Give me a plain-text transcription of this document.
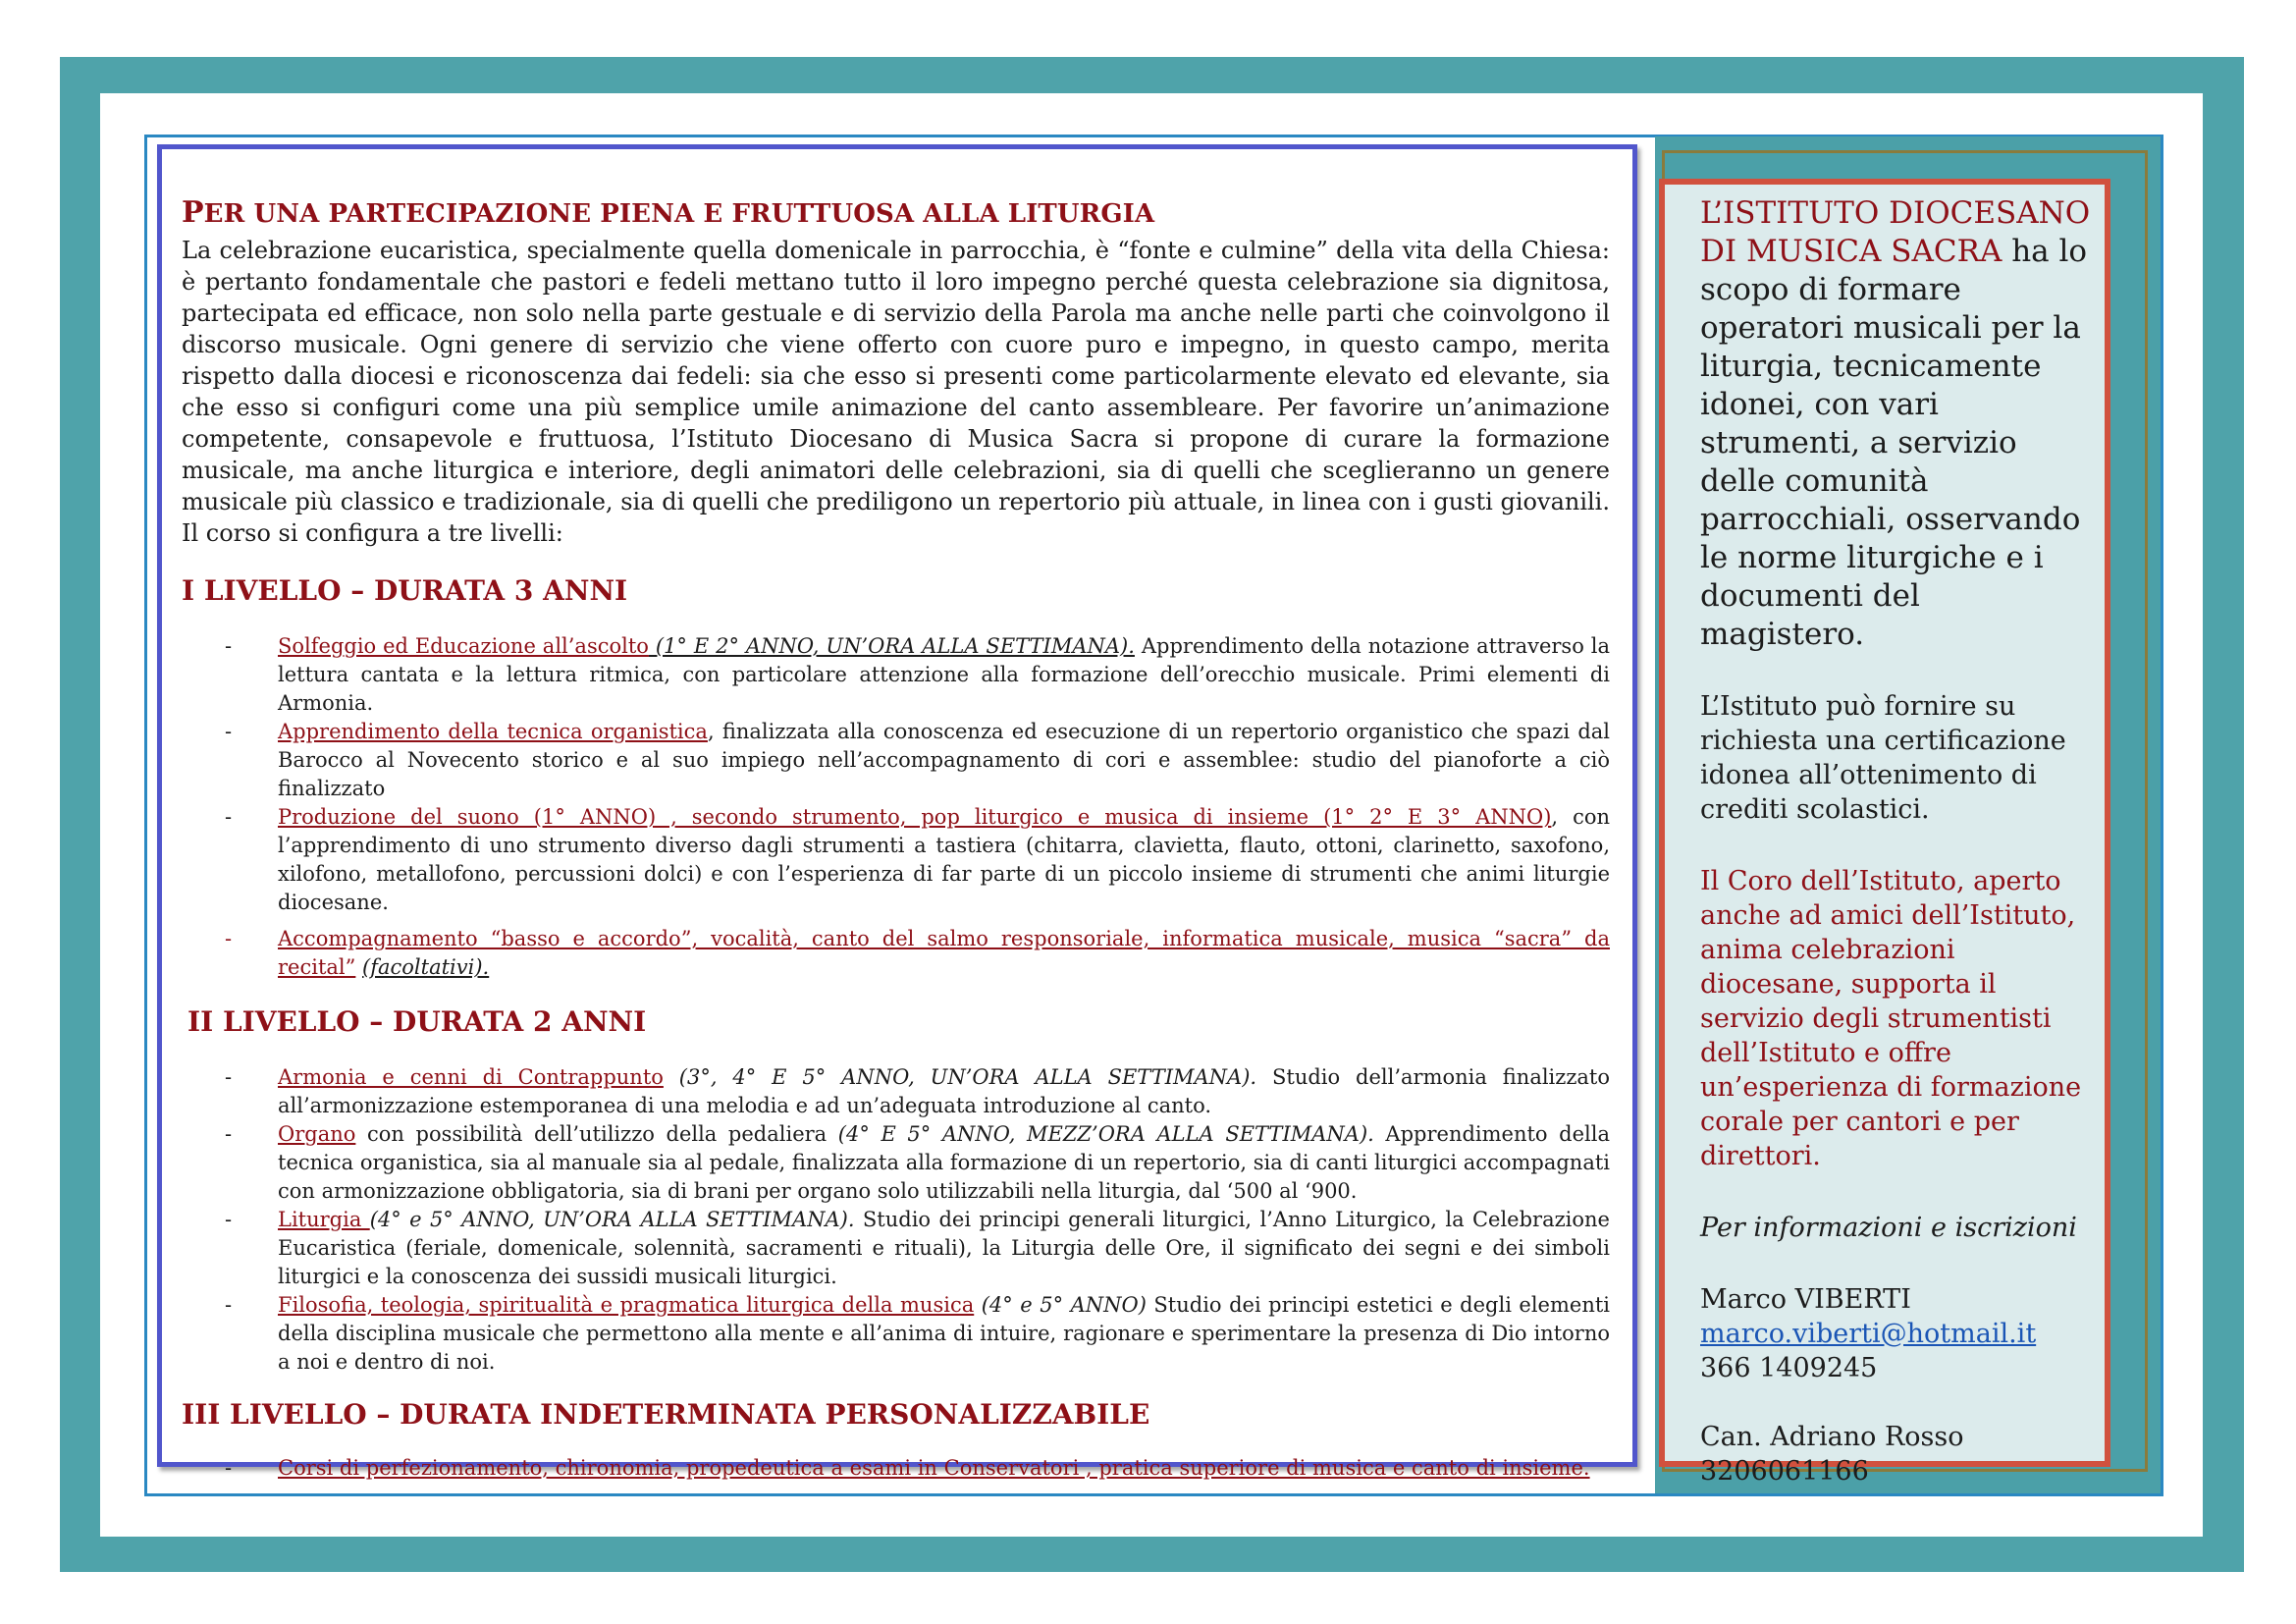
PER UNA PARTECIPAZIONE PIENA E FRUTTUOSA ALLA LITURGIA

La celebrazione eucaristica, specialmente quella domenicale in parrocchia, è “fonte e culmine” della vita della Chiesa: è pertanto fondamentale che pastori e fedeli mettano tutto il loro impegno perché questa celebrazione sia dignitosa, partecipata ed efficace, non solo nella parte gestuale e di servizio della Parola ma anche nelle parti che coinvolgono il discorso musicale. Ogni genere di servizio che viene offerto con cuore puro e impegno, in questo campo, merita rispetto dalla diocesi e riconoscenza dai fedeli: sia che esso si presenti come particolarmente elevato ed elevante, sia che esso si configuri come una più semplice umile animazione del canto assembleare. Per favorire un’animazione competente, consapevole e fruttuosa, l’Istituto Diocesano di Musica Sacra si propone di curare la formazione musicale, ma anche liturgica e interiore, degli animatori delle celebrazioni, sia di quelli che sceglieranno un genere musicale più classico e tradizionale, sia di quelli che prediligono un repertorio più attuale, in linea con i gusti giovanili. Il corso si configura a tre livelli:

I LIVELLO – DURATA 3 ANNI
- Solfeggio ed Educazione all’ascolto (1° E 2° ANNO, UN’ORA ALLA SETTIMANA). Apprendimento della notazione attraverso la lettura cantata e la lettura ritmica, con particolare attenzione alla formazione dell’orecchio musicale. Primi elementi di Armonia.
- Apprendimento della tecnica organistica, finalizzata alla conoscenza ed esecuzione di un repertorio organistico che spazi dal Barocco al Novecento storico e al suo impiego nell’accompagnamento di cori e assemblee: studio del pianoforte a ciò finalizzato
- Produzione del suono (1° ANNO) , secondo strumento, pop liturgico e musica di insieme (1° 2° E 3° ANNO), con l’apprendimento di uno strumento diverso dagli strumenti a tastiera (chitarra, clavietta, flauto, ottoni, clarinetto, saxofono, xilofono, metallofono, percussioni dolci) e con l’esperienza di far parte di un piccolo insieme di strumenti che animi liturgie diocesane.
- Accompagnamento “basso e accordo”, vocalità, canto del salmo responsoriale, informatica musicale, musica “sacra” da recital” (facoltativi).
II LIVELLO – DURATA 2 ANNI
- Armonia e cenni di Contrappunto (3°, 4° E 5° ANNO, UN’ORA ALLA SETTIMANA). Studio dell’armonia finalizzato all’armonizzazione estemporanea di una melodia e ad un’adeguata introduzione al canto.
- Organo con possibilità dell’utilizzo della pedaliera (4° E 5° ANNO, MEZZ’ORA ALLA SETTIMANA). Apprendimento della tecnica organistica, sia al manuale sia al pedale, finalizzata alla formazione di un repertorio, sia di canti liturgici accompagnati con armonizzazione obbligatoria, sia di brani per organo solo utilizzabili nella liturgia, dal ‘500 al ‘900.
- Liturgia (4° e 5° ANNO, UN’ORA ALLA SETTIMANA). Studio dei principi generali liturgici, l’Anno Liturgico, la Celebrazione Eucaristica (feriale, domenicale, solennità, sacramenti e rituali), la Liturgia delle Ore, il significato dei segni e dei simboli liturgici e la conoscenza dei sussidi musicali liturgici.
- Filosofia, teologia, spiritualità e pragmatica liturgica della musica (4° e 5° ANNO) Studio dei principi estetici e degli elementi della disciplina musicale che permettono alla mente e all’anima di intuire, ragionare e sperimentare la presenza di Dio intorno a noi e dentro di noi.
III LIVELLO – DURATA INDETERMINATA PERSONALIZZABILE
- Corsi di perfezionamento, chironomia, propedeutica a esami in Conservatori , pratica superiore di musica e canto di insieme.

L’ISTITUTO DIOCESANO DI MUSICA SACRA ha lo scopo di formare operatori musicali per la liturgia, tecnicamente idonei, con vari strumenti, a servizio delle comunità parrocchiali, osservando le norme liturgiche e i documenti del magistero.

L’Istituto può fornire su richiesta una certificazione idonea all’ottenimento di crediti scolastici.

Il Coro dell’Istituto, aperto anche ad amici dell’Istituto, anima celebrazioni diocesane, supporta il servizio degli strumentisti dell’Istituto e offre un’esperienza di formazione corale per cantori e per direttori.

Per informazioni e iscrizioni

Marco VIBERTI

marco.viberti@hotmail.it

366 1409245

Can. Adriano Rosso

3206061166
